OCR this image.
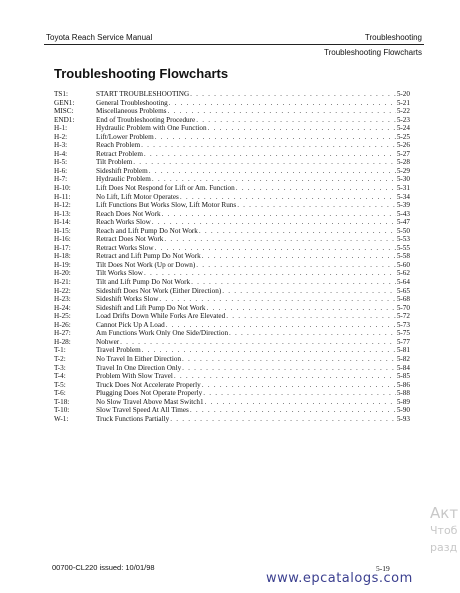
Toyota Reach Service Manual	Troubleshooting
Troubleshooting Flowcharts
Troubleshooting Flowcharts
TS1:	START TROUBLESHOOTING . . .	5-20
GEN1:	General Troubleshooting . . .	5-21
MISC:	Miscellaneous Problems . . .	5-22
END1:	End of Troubleshooting Procedure . . .	5-23
H-1:	Hydraulic Problem with One Function . . .	5-24
H-2:	Lift/Lower Problem . . .	5-25
H-3:	Reach Problem . . .	5-26
H-4:	Retract Problem . . .	5-27
H-5:	Tilt Problem . . .	5-28
H-6:	Sideshift Problem . . .	5-29
H-7:	Hydraulic Problem . . .	5-30
H-10:	Lift Does Not Respond for Lift or Am. Function . . .	5-31
H-11:	No Lift, Lift Motor Operates . . .	5-34
H-12:	Lift Functions But Works Slow, Lift Motor Runs . . .	5-39
H-13:	Reach Does Not Work . . .	5-43
H-14:	Reach Works Slow . . .	5-47
H-15:	Reach and Lift Pump Do Not Work . . .	5-50
H-16:	Retract Does Not Work . . .	5-53
H-17:	Retract Works Slow . . .	5-55
H-18:	Retract and Lift Pump Do Not Work . . .	5-58
H-19:	Tilt Does Not Work (Up or Down) . . .	5-60
H-20:	Tilt Works Slow . . .	5-62
H-21:	Tilt and Lift Pump Do Not Work . . .	5-64
H-22:	Sideshift Does Not Work (Either Direction) . . .	5-65
H-23:	Sideshift Works Slow . . .	5-68
H-24:	Sideshift and Lift Pump Do Not Work . . .	5-70
H-25:	Load Drifts Down While Forks Are Elevated . . .	5-72
H-26:	Cannot Pick Up A Load . . .	5-73
H-27:	Am Functions Work Only One Side/Direction . . .	5-75
H-28:	Nohwer . . .	5-77
T-1:	Travel Problem . . .	5-81
T-2:	No Travel In Either Direction . . .	5-82
T-3:	Travel In One Direction Only . . .	5-84
T-4:	Problem With Slow Travel . . .	5-85
T-5:	Truck Does Not Accelerate Properly . . .	5-86
T-6:	Plugging Does Not Operate Properly . . .	5-88
T-18:	No Slow Travel Above Mast Switch1 . . .	5-89
T-10:	Slow Travel Speed At All Times . . .	5-90
W-1:	Truck Functions Partially . . .	5-93
00700-CL220 issued: 10/01/98	5-19
www.epcatalogs.com
Акт
Чтоб
разд
